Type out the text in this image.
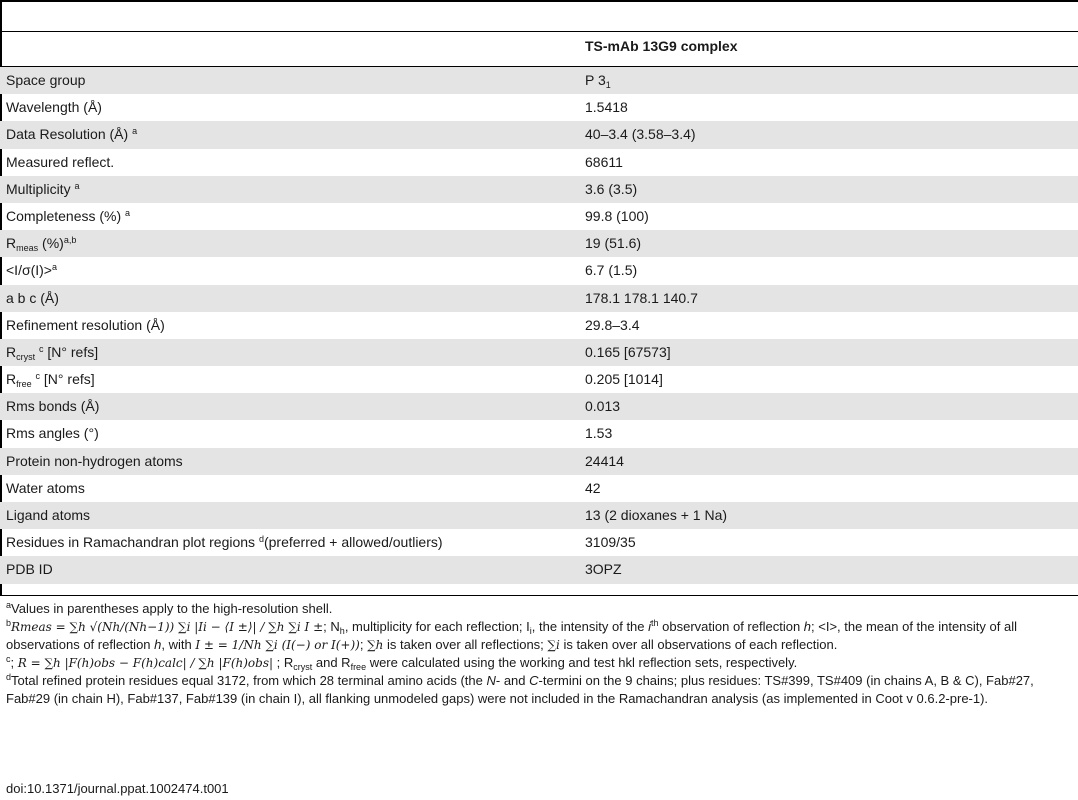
TS-mAb 13G9 complex
Space group	P $3_1$
Wavelength (Å)	1.5418
Data Resolution (Å) $^a$	40–3.4 (3.58–3.4)
Measured reflect.	68611
Multiplicity $^a$	3.6 (3.5)
Completeness (%) $^a$	99.8 (100)
$R_{meas}$ (%)$^{a,b}$	19 (51.6)
<I/σ(I)>$^a$	6.7 (1.5)
a b c (Å)	178.1 178.1 140.7
Refinement resolution (Å)	29.8–3.4
$R_{cryst}$ $^c$ [N° refs]	0.165 [67573]
$R_{free}$ $^c$ [N° refs]	0.205 [1014]
Rms bonds (Å)	0.013
Rms angles (°)	1.53
Protein non-hydrogen atoms	24414
Water atoms	42
Ligand atoms	13 (2 dioxanes + 1 Na)
Residues in Ramachandran plot regions $^d$(preferred + allowed/outliers)	3109/35
PDB ID	3OPZ
$^a$Values in parentheses apply to the high-resolution shell.
$^b$Rmeas = ∑h √(Nh/(Nh−1)) ∑i |Ii − ⟨I ±⟩| / ∑h ∑i I ±; $N_h$, multiplicity for each reflection; $I_i$, the intensity of the $i^{th}$ observation of reflection h; <I>, the mean of the intensity of all observations of reflection h, with I ± = 1/Nh ∑i (I(−) or I(+)); ∑h is taken over all reflections; ∑i is taken over all observations of each reflection.
$^c$; R = ∑h |F(h)obs − F(h)calc| / ∑h |F(h)obs| ; $R_{cryst}$ and $R_{free}$ were calculated using the working and test hkl reflection sets, respectively.
$^d$Total refined protein residues equal 3172, from which 28 terminal amino acids (the N- and C-termini on the 9 chains; plus residues: TS#399, TS#409 (in chains A, B & C), Fab#27, Fab#29 (in chain H), Fab#137, Fab#139 (in chain I), all flanking unmodeled gaps) were not included in the Ramachandran analysis (as implemented in Coot v 0.6.2-pre-1).
doi:10.1371/journal.ppat.1002474.t001
